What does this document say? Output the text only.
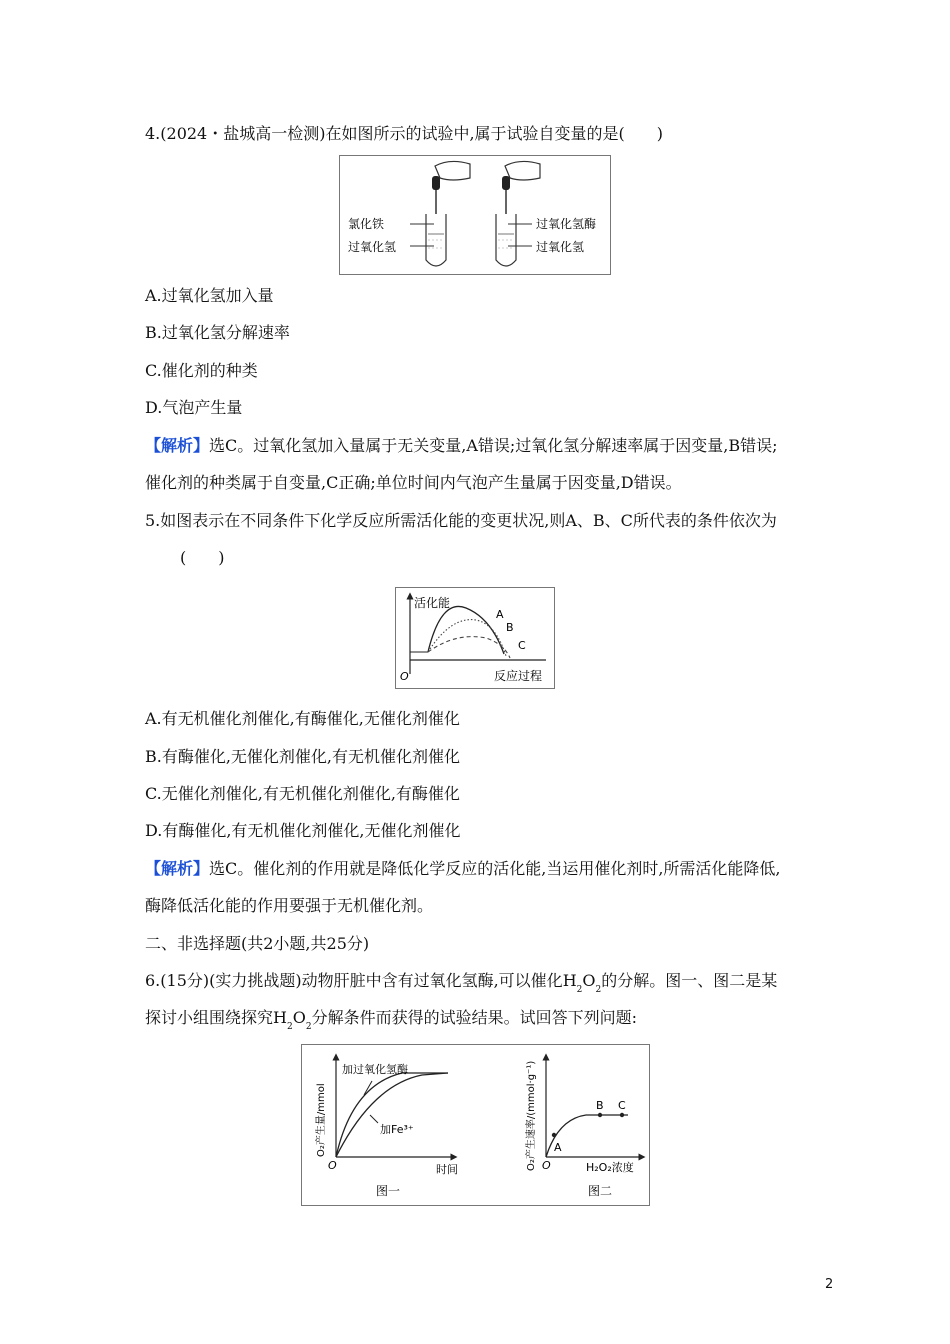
4.(2024・盐城高一检测)在如图所示的试验中,属于试验自变量的是(　　)
氯化铁
过氧化氢
过氧化氢酶
过氧化氢
A.过氧化氢加入量
B.过氧化氢分解速率
C.催化剂的种类
D.气泡产生量
【解析】选C。过氧化氢加入量属于无关变量,A错误;过氧化氢分解速率属于因变量,B错误;
催化剂的种类属于自变量,C正确;单位时间内气泡产生量属于因变量,D错误。
5.如图表示在不同条件下化学反应所需活化能的变更状况,则A、B、C所代表的条件依次为
(　　)
活化能
A
B
C
O	反应过程
A.有无机催化剂催化,有酶催化,无催化剂催化
B.有酶催化,无催化剂催化,有无机催化剂催化
C.无催化剂催化,有无机催化剂催化,有酶催化
D.有酶催化,有无机催化剂催化,无催化剂催化
【解析】选C。催化剂的作用就是降低化学反应的活化能,当运用催化剂时,所需活化能降低,
酶降低活化能的作用要强于无机催化剂。
二、非选择题(共2小题,共25分)
6.(15分)(实力挑战题)动物肝脏中含有过氧化氢酶,可以催化$H_2O_2$的分解。图一、图二是某
探讨小组围绕探究$H_2O_2$分解条件而获得的试验结果。试回答下列问题:
加过氧化氢酶
加Fe³⁺
O₂产生量/mmol
O	时间
图一
A
B C
O₂产生速率/(mmol·g⁻¹) O	H₂O₂浓度
图二
2
